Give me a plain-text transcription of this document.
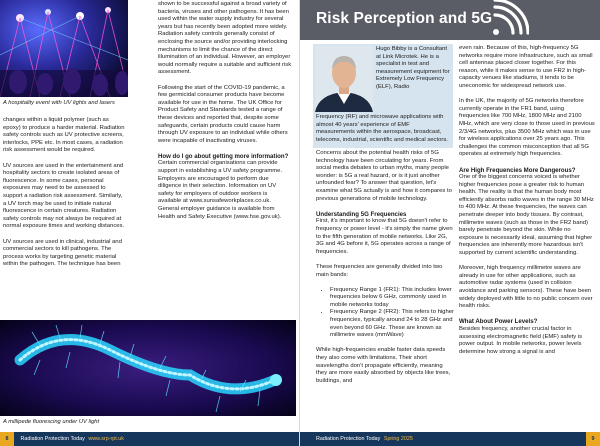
A hospitality event with UV lights and lasers

changes within a liquid polymer (such as epoxy) to produce a harder material. Radiation safety controls such as UV protective screens, interlocks, PPE etc. In most cases, a radiation risk assessment would be required.

UV sources are used in the entertainment and hospitality sectors to create isolated areas of fluorescence. In some cases, personal exposures may need to be assessed to support a radiation risk assessment. Similarly, a UV torch may be used to initiate natural fluorescence in certain creatures. Radiation safety controls may not always be required at normal exposure times and working distances.

UV sources are used in clinical, industrial and commercial sectors to kill pathogens. The process works by targeting genetic material within the pathogen. The technique has been

shown to be successful against a broad variety of bacteria, viruses and other pathogens. It has been used within the water supply industry for several years but has recently been adopted more widely. Radiation safety controls generally consist of enclosing the source and/or providing interlocking mechanisms to limit the chance of the direct illumination of an individual. However, an employer would normally require a suitable and sufficient risk assessment.

Following the start of the COVID-19 pandemic, a few germicidal consumer products have become available for use in the home. The UK Office for Product Safety and Standards tested a range of these devices and reported that, despite some safeguards, certain products could cause harm through UV exposure to an individual while others were incapable of inactivating viruses.

How do I go about getting more information?

Certain commercial organisations can provide support in establishing a UV safety programme. Employers are encouraged to perform due diligence in their selection. Information on UV safety for employers of outdoor workers is available at www.sunsafeworkplaces.co.uk. General employer guidance is available from Health and Safety Executive (www.hse.gov.uk).

A millipede fluorescing under UV light
8 Radiation Protection Today www.srp-rpt.uk
Risk Perception and 5G
Hugo Bibby is a Consultant at Link Microtek. He is a specialist in test and measurement equipment for Extremely Low Frequency (ELF), Radio
Frequency (RF) and microwave applications with almost 40 years' experience of EMF measurements within the aerospace, broadcast, telecoms, industrial, scientific and medical sectors.

Concerns about the potential health risks of 5G technology have been circulating for years. From social media debates to urban myths, many people wonder: is 5G a real hazard, or is it just another unfounded fear? To answer that question, let's examine what 5G actually is and how it compares to previous generations of mobile technology.

Understanding 5G Frequencies

First, it's important to know that 5G doesn't refer to frequency or power level - it's simply the name given to the fifth generation of mobile networks. Like 2G, 3G and 4G before it, 5G operates across a range of frequencies.

These frequencies are generally divided into two main bands:

• Frequency Range 1 (FR1): This includes lower frequencies below 6 GHz, commonly used in mobile networks today
• Frequency Range 2 (FR2): This refers to higher frequencies, typically around 24 to 28 GHz and even beyond 60 GHz. These are known as millimetre waves (mmWave)

While high-frequencies enable faster data speeds they also come with limitations. Their short wavelengths don't propagate efficiently, meaning they are more easily absorbed by objects like trees, buildings, and

even rain. Because of this, high-frequency 5G networks require more infrastructure, such as small cell antennas placed closer together. For this reason, while it makes sense to use FR2 in high-capacity venues like stadiums, it tends to be uneconomic for widespread network use.

In the UK, the majority of 5G networks therefore currently operate in the FR1 band, using frequencies like 700 MHz, 1800 MHz and 2100 MHz, which are very close to those used in previous 2/3/4G networks, plus 3500 MHz which was in use for wireless applications over 25 years ago. This challenges the common misconception that all 5G operates at extremely high frequencies.

Are High Frequencies More Dangerous?

One of the biggest concerns voiced is whether higher frequencies pose a greater risk to human health. The reality is that the human body most efficiently absorbs radio waves in the range 30 MHz to 400 MHz. At these frequencies, the waves can penetrate deeper into body tissues. By contrast, millimetre waves (such as those in the FR2 band) barely penetrate beyond the skin. While no exposure is necessarily ideal, assuming that higher frequencies are inherently more hazardous isn't supported by current scientific understanding.

Moreover, high frequency millimetre waves are already in use for other applications, such as automotive radar systems (used in collision avoidance and parking sensors). These have been widely deployed with little to no public concern over health risks.

What About Power Levels?

Besides frequency, another crucial factor in assessing electromagnetic field (EMF) safety is power output. In mobile networks, power levels determine how strong a signal is and

Radiation Protection Today Spring 2025	9
